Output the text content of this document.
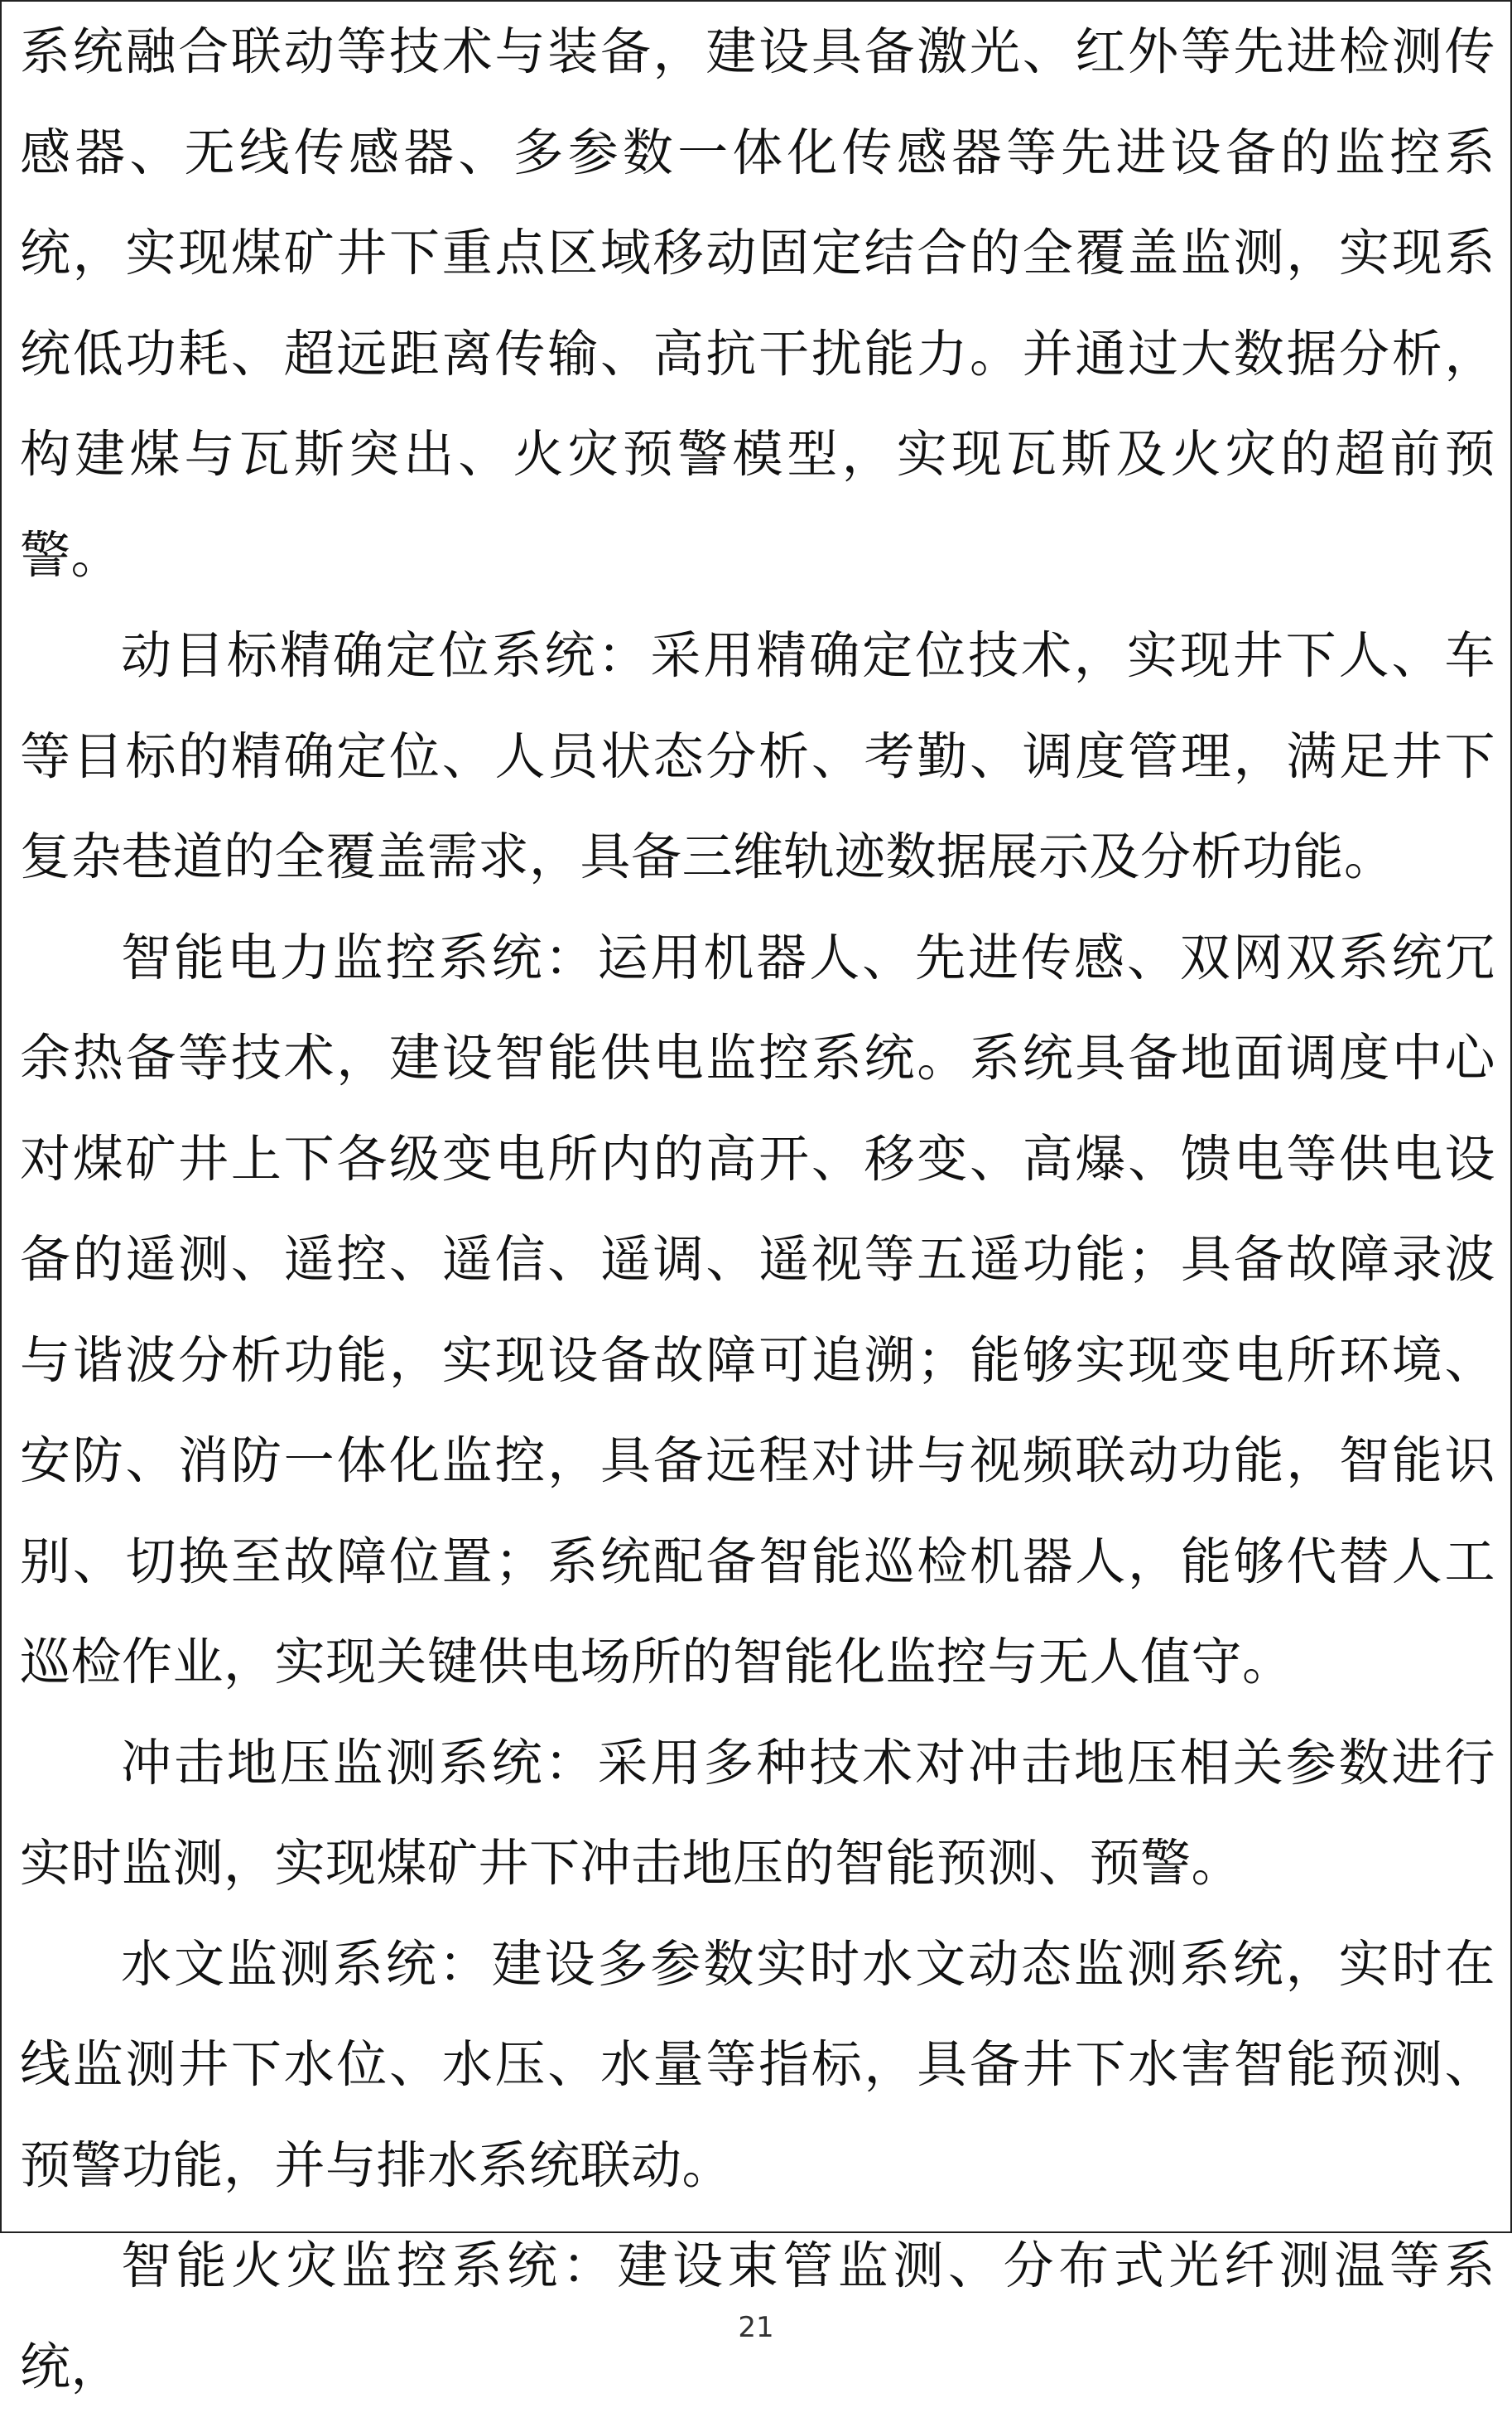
系统融合联动等技术与装备，建设具备激光、红外等先进检测传感器、无线传感器、多参数一体化传感器等先进设备的监控系统，实现煤矿井下重点区域移动固定结合的全覆盖监测，实现系统低功耗、超远距离传输、高抗干扰能力。并通过大数据分析，构建煤与瓦斯突出、火灾预警模型，实现瓦斯及火灾的超前预警。

动目标精确定位系统：采用精确定位技术，实现井下人、车等目标的精确定位、人员状态分析、考勤、调度管理，满足井下复杂巷道的全覆盖需求，具备三维轨迹数据展示及分析功能。

智能电力监控系统：运用机器人、先进传感、双网双系统冗余热备等技术，建设智能供电监控系统。系统具备地面调度中心对煤矿井上下各级变电所内的高开、移变、高爆、馈电等供电设备的遥测、遥控、遥信、遥调、遥视等五遥功能；具备故障录波与谐波分析功能，实现设备故障可追溯；能够实现变电所环境、安防、消防一体化监控，具备远程对讲与视频联动功能，智能识别、切换至故障位置；系统配备智能巡检机器人，能够代替人工巡检作业，实现关键供电场所的智能化监控与无人值守。

冲击地压监测系统：采用多种技术对冲击地压相关参数进行实时监测，实现煤矿井下冲击地压的智能预测、预警。

水文监测系统：建设多参数实时水文动态监测系统，实时在线监测井下水位、水压、水量等指标，具备井下水害智能预测、预警功能，并与排水系统联动。

智能火灾监控系统：建设束管监测、分布式光纤测温等系统，

21
